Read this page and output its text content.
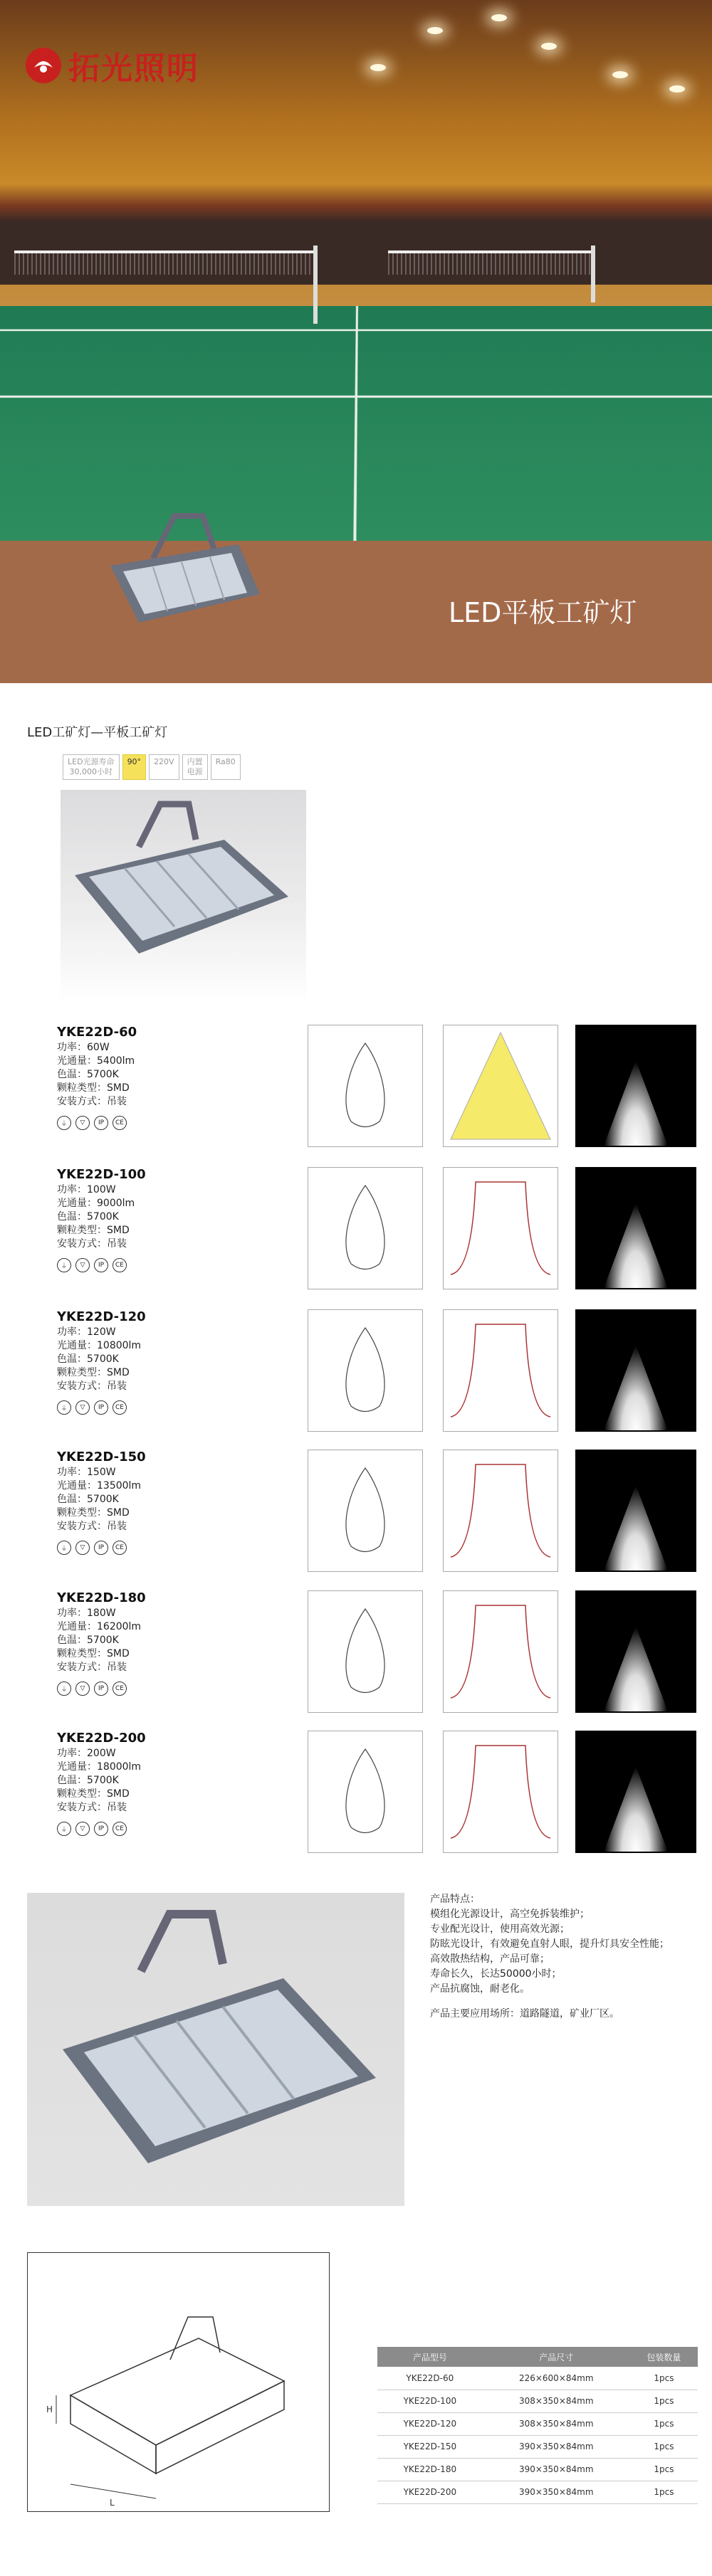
拓光照明
LED平板工矿灯
LED工矿灯—平板工矿灯
LED光源寿命
30,000小时
90° 220V 内置
电源
Ra80
YKE22D-60
功率：60W
光通量：5400lm
色温：5700K
颗粒类型：SMD
安装方式：吊装
⏚	▽	IP	CE
YKE22D-100
功率：100W
光通量：9000lm
色温：5700K
颗粒类型：SMD
安装方式：吊装
⏚	▽	IP	CE
YKE22D-120
功率：120W
光通量：10800lm
色温：5700K
颗粒类型：SMD
安装方式：吊装
⏚	▽	IP	CE
YKE22D-150
功率：150W
光通量：13500lm
色温：5700K
颗粒类型：SMD
安装方式：吊装
⏚	▽	IP	CE
YKE22D-180
功率：180W
光通量：16200lm
色温：5700K
颗粒类型：SMD
安装方式：吊装
⏚	▽	IP	CE
YKE22D-200
功率：200W
光通量：18000lm
色温：5700K
颗粒类型：SMD
安装方式：吊装
⏚	▽	IP	CE
产品特点：
模组化光源设计，高空免拆装维护；
专业配光设计，使用高效光源；
防眩光设计，有效避免直射人眼，提升灯具安全性能；
高效散热结构，产品可靠；
寿命长久，长达50000小时；
产品抗腐蚀，耐老化。
产品主要应用场所：道路隧道，矿业厂区。
H
L
产品型号	产品尺寸	包装数量
YKE22D-60	226×600×84mm	1pcs
YKE22D-100	308×350×84mm	1pcs
YKE22D-120	308×350×84mm	1pcs
YKE22D-150	390×350×84mm	1pcs
YKE22D-180	390×350×84mm	1pcs
YKE22D-200	390×350×84mm	1pcs
